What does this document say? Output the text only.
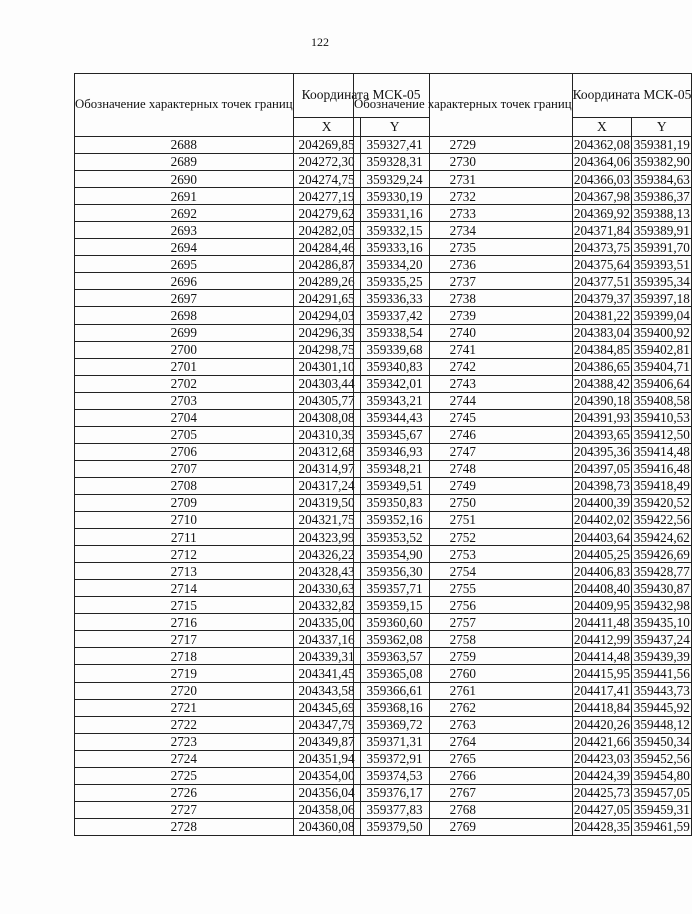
122
Обозначение характерных точек границ	Координата МСК-05	
	X	Y
2688	204269,85	359327,41
2689	204272,30	359328,31
2690	204274,75	359329,24
2691	204277,19	359330,19
2692	204279,62	359331,16
2693	204282,05	359332,15
2694	204284,46	359333,16
2695	204286,87	359334,20
2696	204289,26	359335,25
2697	204291,65	359336,33
2698	204294,03	359337,42
2699	204296,39	359338,54
2700	204298,75	359339,68
2701	204301,10	359340,83
2702	204303,44	359342,01
2703	204305,77	359343,21
2704	204308,08	359344,43
2705	204310,39	359345,67
2706	204312,68	359346,93
2707	204314,97	359348,21
2708	204317,24	359349,51
2709	204319,50	359350,83
2710	204321,75	359352,16
2711	204323,99	359353,52
2712	204326,22	359354,90
2713	204328,43	359356,30
2714	204330,63	359357,71
2715	204332,82	359359,15
2716	204335,00	359360,60
2717	204337,16	359362,08
2718	204339,31	359363,57
2719	204341,45	359365,08
2720	204343,58	359366,61
2721	204345,69	359368,16
2722	204347,79	359369,72
2723	204349,87	359371,31
2724	204351,94	359372,91
2725	204354,00	359374,53
2726	204356,04	359376,17
2727	204358,06	359377,83
2728	204360,08	359379,50
Обозначение характерных точек границ	Координата МСК-05	
	X	Y
2729	204362,08	359381,19
2730	204364,06	359382,90
2731	204366,03	359384,63
2732	204367,98	359386,37
2733	204369,92	359388,13
2734	204371,84	359389,91
2735	204373,75	359391,70
2736	204375,64	359393,51
2737	204377,51	359395,34
2738	204379,37	359397,18
2739	204381,22	359399,04
2740	204383,04	359400,92
2741	204384,85	359402,81
2742	204386,65	359404,71
2743	204388,42	359406,64
2744	204390,18	359408,58
2745	204391,93	359410,53
2746	204393,65	359412,50
2747	204395,36	359414,48
2748	204397,05	359416,48
2749	204398,73	359418,49
2750	204400,39	359420,52
2751	204402,02	359422,56
2752	204403,64	359424,62
2753	204405,25	359426,69
2754	204406,83	359428,77
2755	204408,40	359430,87
2756	204409,95	359432,98
2757	204411,48	359435,10
2758	204412,99	359437,24
2759	204414,48	359439,39
2760	204415,95	359441,56
2761	204417,41	359443,73
2762	204418,84	359445,92
2763	204420,26	359448,12
2764	204421,66	359450,34
2765	204423,03	359452,56
2766	204424,39	359454,80
2767	204425,73	359457,05
2768	204427,05	359459,31
2769	204428,35	359461,59
